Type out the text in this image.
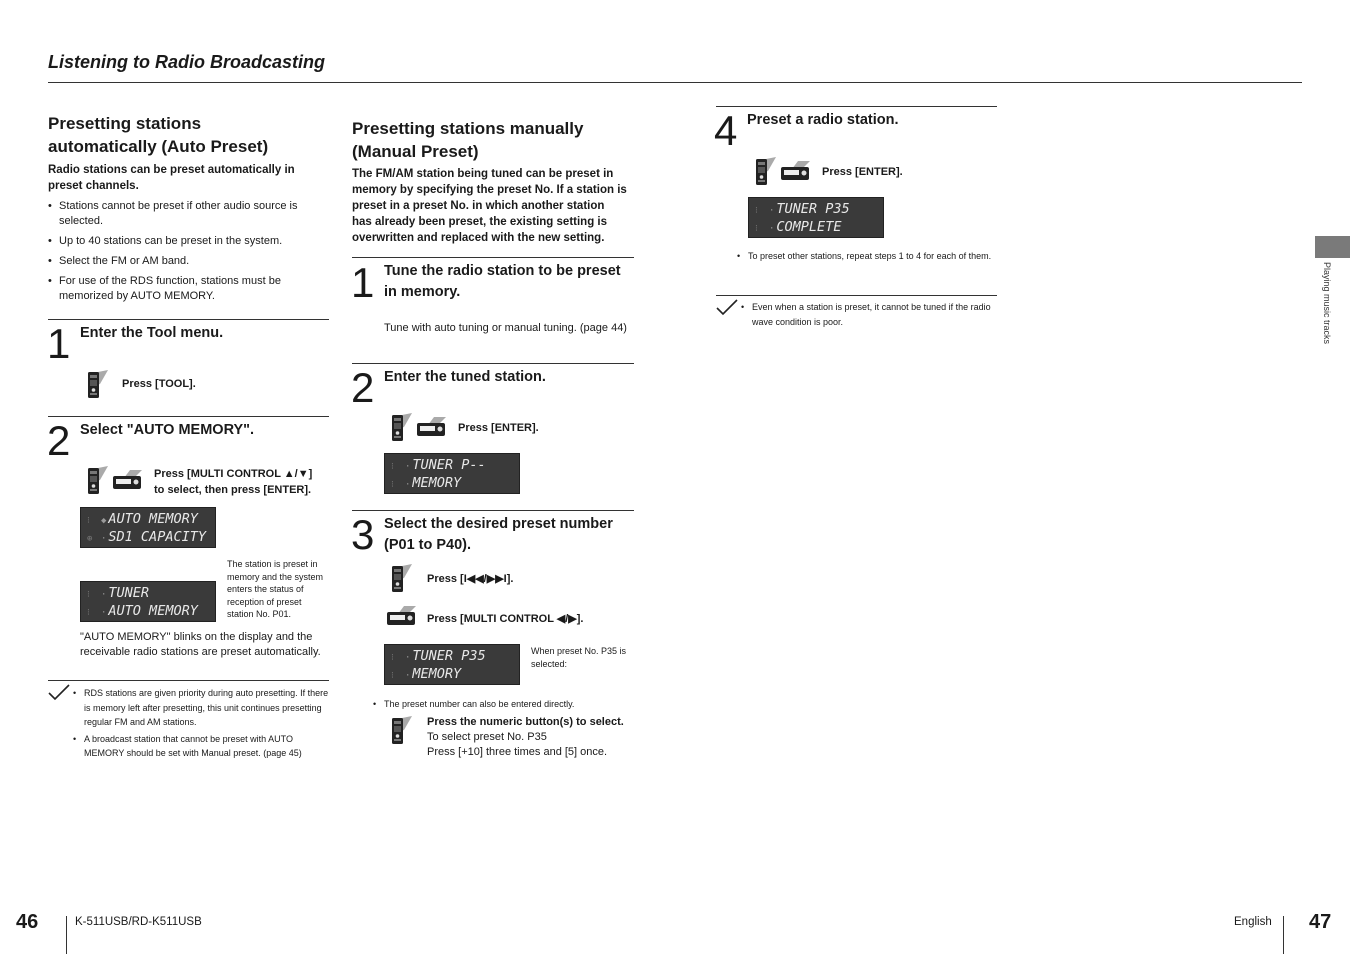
Listening to Radio Broadcasting
Presetting stations automatically (Auto Preset)
Radio stations can be preset automatically in preset channels.
• Stations cannot be preset if other audio source is selected.
• Up to 40 stations can be preset in the system.
• Select the FM or AM band.
• For use of the RDS function, stations must be memorized by AUTO MEMORY.
1 Enter the Tool menu.
Press [TOOL].
2 Select "AUTO MEMORY".
Press [MULTI CONTROL ▲/▼]
to select, then press [ENTER].
⁝ ◆ AUTO MEMORY
⊕ · SD1 CAPACITY
⁝ · TUNER
⁝ · AUTO MEMORY
The station is preset in memory and the system enters the status of reception of preset station No. P01.
"AUTO MEMORY" blinks on the display and the receivable radio stations are preset automatically.
• RDS stations are given priority during auto presetting. If there is memory left after presetting, this unit continues presetting regular FM and AM stations.
• A broadcast station that cannot be preset with AUTO MEMORY should be set with Manual preset. (page 45)
Presetting stations manually (Manual Preset)
The FM/AM station being tuned can be preset in memory by specifying the preset No. If a station is preset in a preset No. in which another station has already been preset, the existing setting is overwritten and replaced with the new setting.
1 Tune the radio station to be preset in memory.
Tune with auto tuning or manual tuning. (page 44)
2 Enter the tuned station.
Press [ENTER].
⁝ · TUNER P--
⁝ · MEMORY
3 Select the desired preset number (P01 to P40).
Press [I◀◀/▶▶I].
Press [MULTI CONTROL ◀/▶].
⁝ · TUNER P35
⁝ · MEMORY
When preset No. P35 is selected:
• The preset number can also be entered directly.
Press the numeric button(s) to select.
To select preset No. P35
Press [+10] three times and [5] once.
4 Preset a radio station.
Press [ENTER].
⁝ · TUNER P35
⁝ · COMPLETE
• To preset other stations, repeat steps 1 to 4 for each of them.
• Even when a station is preset, it cannot be tuned if the radio wave condition is poor.	Playing music tracks
46	K-511USB/RD-K511USB	English 47
